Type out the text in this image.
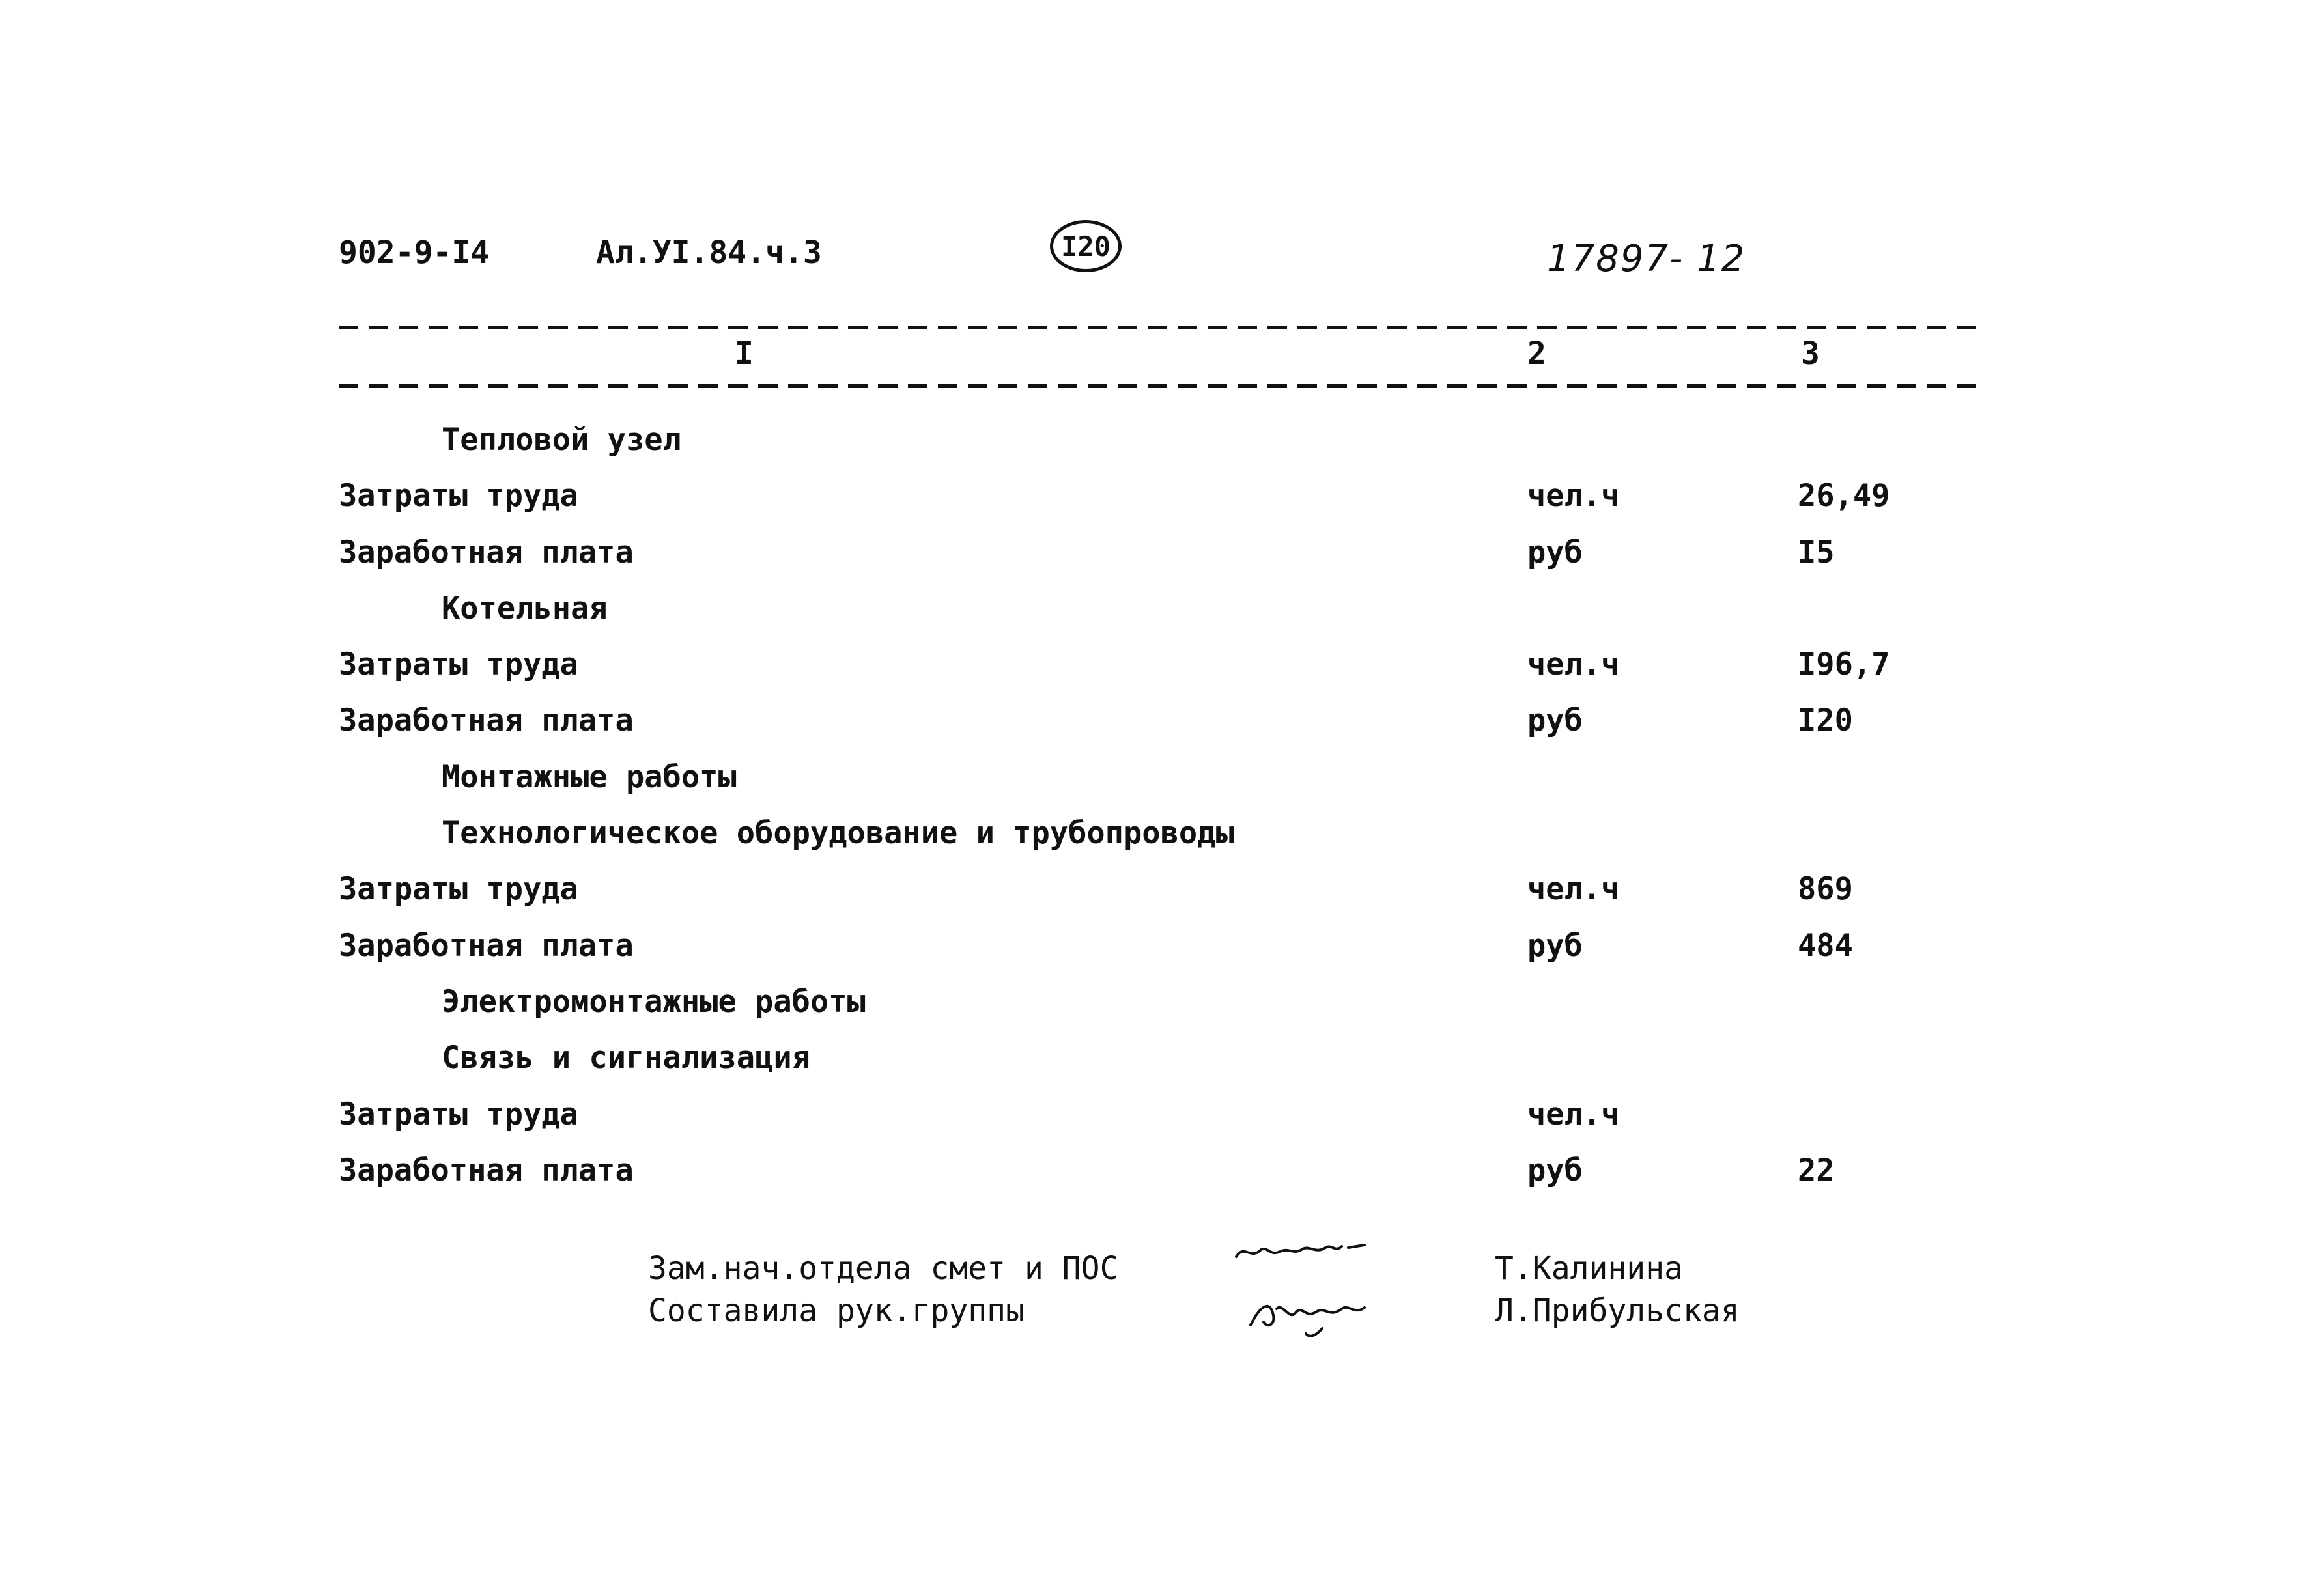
902-9-I4	Ал.УI.84.ч.3	I20	17897- 12
I	2	3
Тепловой узел
Затраты труда	чел.ч	26,49
Заработная плата	руб	I5
Котельная
Затраты труда	чел.ч	I96,7
Заработная плата	руб	I20
Монтажные работы
Технологическое оборудование и трубопроводы
Затраты труда	чел.ч	869
Заработная плата	руб	484
Электромонтажные работы
Связь и сигнализация
Затраты труда	чел.ч
Заработная плата	руб	22
Зам.нач.отдела смет и ПОС	Т.Калинина
Составила рук.группы	Л.Прибульская
